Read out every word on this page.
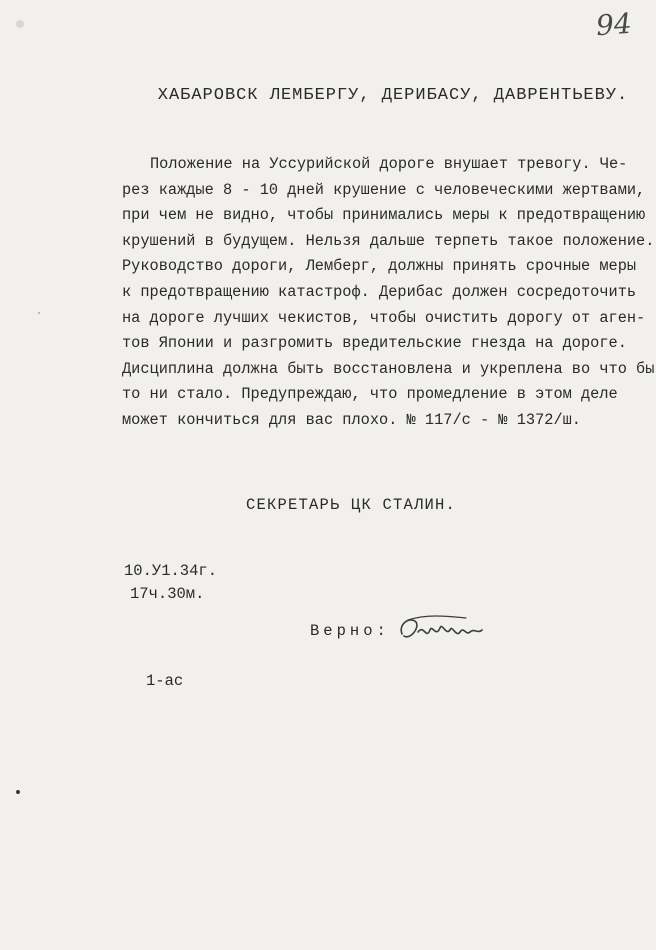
94
ХАБАРОВСК ЛЕМБЕРГУ, ДЕРИБАСУ, ДАВРЕНТЬЕВУ.
Положение на Уссурийской дороге внушает тревогу. Че-
рез каждые 8 - 10 дней крушение с человеческими жертвами,
при чем не видно, чтобы принимались меры к предотвращению
крушений в будущем. Нельзя дальше терпеть такое положение.
Руководство дороги, Лемберг, должны принять срочные меры
к предотвращению катастроф. Дерибас должен сосредоточить
на дороге лучших чекистов, чтобы очистить дорогу от аген-
тов Японии и разгромить вредительские гнезда на дороге.
Дисциплина должна быть восстановлена и укреплена во что бы
то ни стало. Предупреждаю, что промедление в этом деле
может кончиться для вас плохо. № 117/с - № 1372/ш.
СЕКРЕТАРЬ ЦК СТАЛИН.
10.У1.34г.
17ч.30м.
Верно:
1-ас
